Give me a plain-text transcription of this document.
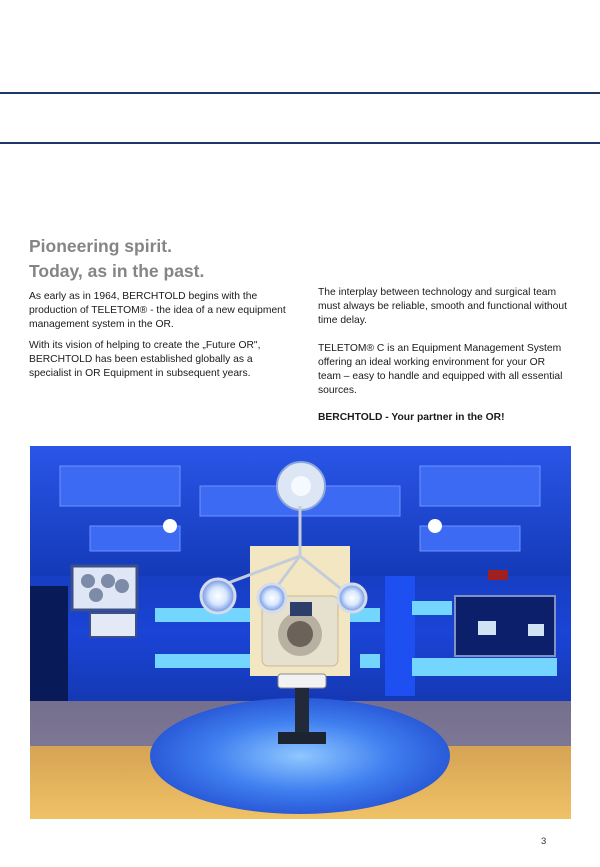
Pioneering spirit.
Today, as in the past.

As early as in 1964, BERCHTOLD begins with the production of TELETOM® - the idea of a new equipment management system in the OR.

With its vision of helping to create the „Future OR", BERCHTOLD has been established globally as a specialist in OR Equipment in subsequent years.

The interplay between technology and surgical team must always be reliable, smooth and functional without time delay.

TELETOM® C is an Equipment Management System offering an ideal working environment for your OR team – easy to handle and equipped with all essential sources.

BERCHTOLD - Your partner in the OR!

3
